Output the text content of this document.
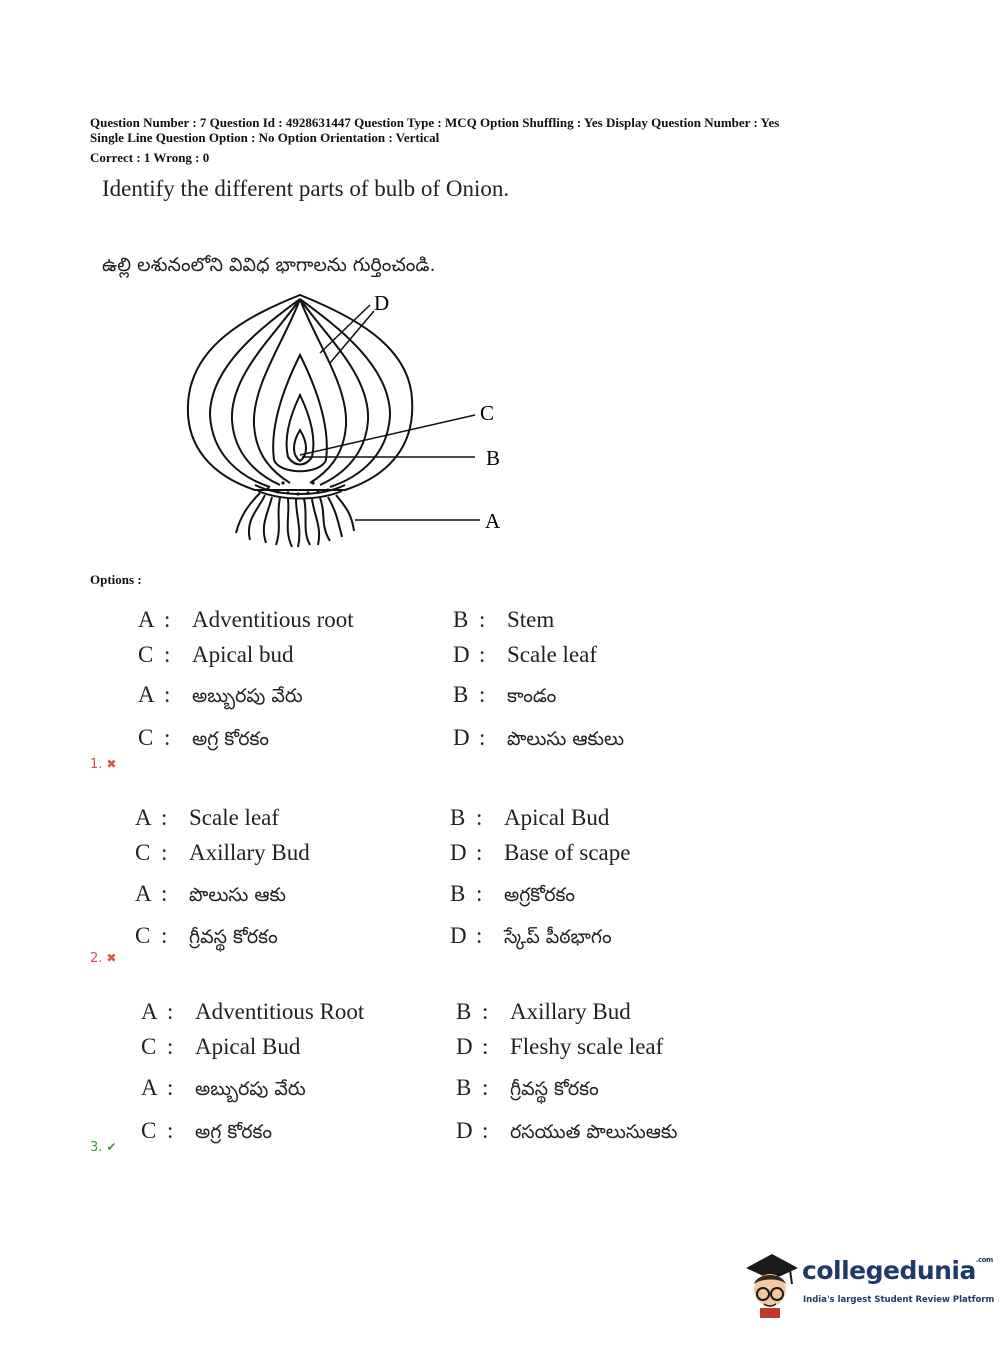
Question Number : 7 Question Id : 4928631447 Question Type : MCQ Option Shuffling : Yes Display Question Number : Yes
Single Line Question Option : No Option Orientation : Vertical
Correct : 1 Wrong : 0
Identify the different parts of bulb of Onion.
ఉల్లి లశునంలోని వివిధ భాగాలను గుర్తించండి.
D
C
B
A
Options :
A : Adventitious root	B : Stem
C : Apical bud	D : Scale leaf
A : అబ్బురపు వేరు	B : కాండం
C : అగ్ర కోరకం	D : పొలుసు ఆకులు
1. ✖
A : Scale leaf	B : Apical Bud
C : Axillary Bud	D : Base of scape
A : పొలుసు ఆకు	B : అగ్రకోరకం
C : గ్రీవస్థ కోరకం	D : స్కేప్ పీఠభాగం
2. ✖
A : Adventitious Root	B : Axillary Bud
C : Apical Bud	D : Fleshy scale leaf
A : అబ్బురపు వేరు	B : గ్రీవస్థ కోరకం
C : అగ్ర కోరకం	D : రసయుత పొలుసుఆకు
3. ✔
collegedunia$^{.com}$
India's largest Student Review Platform
